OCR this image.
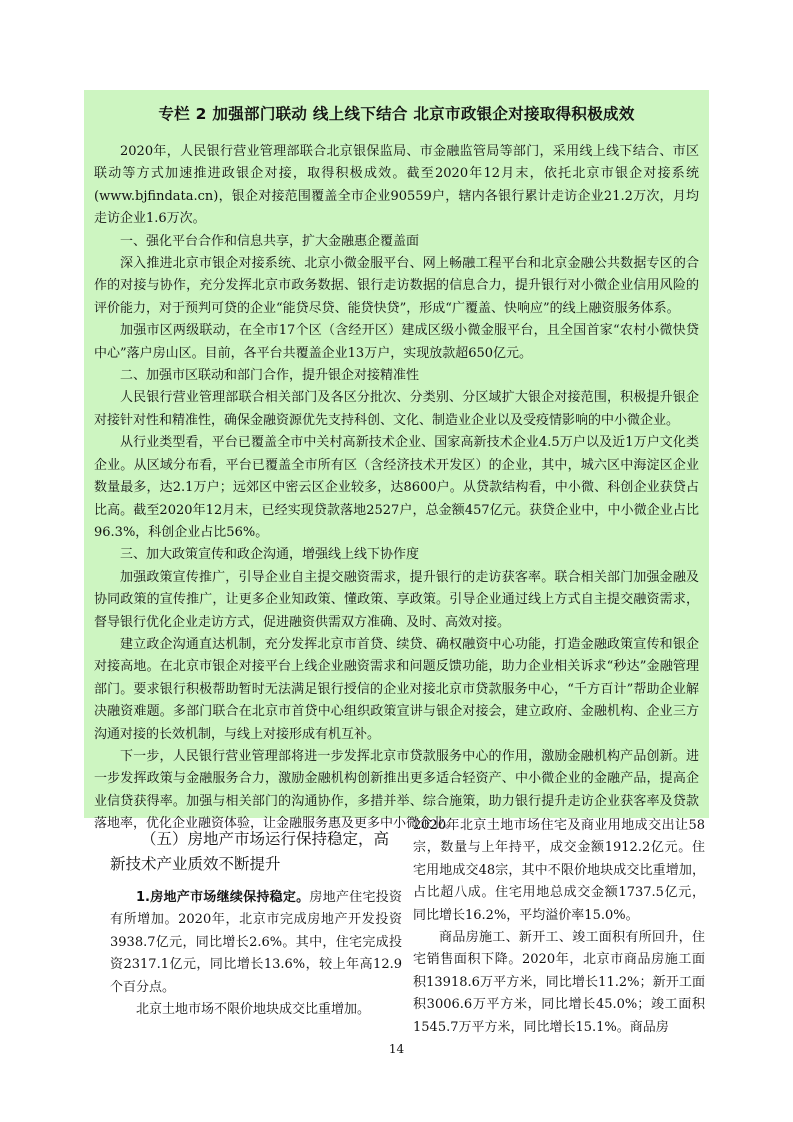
专栏 2 加强部门联动 线上线下结合 北京市政银企对接取得积极成效

2020年，人民银行营业管理部联合北京银保监局、市金融监管局等部门，采用线上线下结合、市区联动等方式加速推进政银企对接，取得积极成效。截至2020年12月末，依托北京市银企对接系统(www.bjfindata.cn)，银企对接范围覆盖全市企业90559户，辖内各银行累计走访企业21.2万次，月均走访企业1.6万次。

一、强化平台合作和信息共享，扩大金融惠企覆盖面

深入推进北京市银企对接系统、北京小微金服平台、网上畅融工程平台和北京金融公共数据专区的合作的对接与协作，充分发挥北京市政务数据、银行走访数据的信息合力，提升银行对小微企业信用风险的评价能力，对于预判可贷的企业“能贷尽贷、能贷快贷”，形成“广覆盖、快响应”的线上融资服务体系。

加强市区两级联动，在全市17个区（含经开区）建成区级小微金服平台，且全国首家“农村小微快贷中心”落户房山区。目前，各平台共覆盖企业13万户，实现放款超650亿元。

二、加强市区联动和部门合作，提升银企对接精准性

人民银行营业管理部联合相关部门及各区分批次、分类别、分区域扩大银企对接范围，积极提升银企对接针对性和精准性，确保金融资源优先支持科创、文化、制造业企业以及受疫情影响的中小微企业。

从行业类型看，平台已覆盖全市中关村高新技术企业、国家高新技术企业4.5万户以及近1万户文化类企业。从区域分布看，平台已覆盖全市所有区（含经济技术开发区）的企业，其中，城六区中海淀区企业数量最多，达2.1万户；远郊区中密云区企业较多，达8600户。从贷款结构看，中小微、科创企业获贷占比高。截至2020年12月末，已经实现贷款落地2527户，总金额457亿元。获贷企业中，中小微企业占比96.3%，科创企业占比56%。

三、加大政策宣传和政企沟通，增强线上线下协作度

加强政策宣传推广，引导企业自主提交融资需求，提升银行的走访获客率。联合相关部门加强金融及协同政策的宣传推广，让更多企业知政策、懂政策、享政策。引导企业通过线上方式自主提交融资需求，督导银行优化企业走访方式，促进融资供需双方准确、及时、高效对接。

建立政企沟通直达机制，充分发挥北京市首贷、续贷、确权融资中心功能，打造金融政策宣传和银企对接高地。在北京市银企对接平台上线企业融资需求和问题反馈功能，助力企业相关诉求“秒达”金融管理部门。要求银行积极帮助暂时无法满足银行授信的企业对接北京市贷款服务中心，“千方百计”帮助企业解决融资难题。多部门联合在北京市首贷中心组织政策宣讲与银企对接会，建立政府、金融机构、企业三方沟通对接的长效机制，与线上对接形成有机互补。

下一步，人民银行营业管理部将进一步发挥北京市贷款服务中心的作用，激励金融机构产品创新。进一步发挥政策与金融服务合力，激励金融机构创新推出更多适合轻资产、中小微企业的金融产品，提高企业信贷获得率。加强与相关部门的沟通协作，多措并举、综合施策，助力银行提升走访企业获客率及贷款落地率，优化企业融资体验，让金融服务惠及更多中小微企业。

（五）房地产市场运行保持稳定，高新技术产业质效不断提升

1.房地产市场继续保持稳定。房地产住宅投资有所增加。2020年，北京市完成房地产开发投资3938.7亿元，同比增长2.6%。其中，住宅完成投资2317.1亿元，同比增长13.6%，较上年高12.9个百分点。

北京土地市场不限价地块成交比重增加。

2020年北京土地市场住宅及商业用地成交出让58宗，数量与上年持平，成交金额1912.2亿元。住宅用地成交48宗，其中不限价地块成交比重增加，占比超八成。住宅用地总成交金额1737.5亿元，同比增长16.2%，平均溢价率15.0%。

商品房施工、新开工、竣工面积有所回升，住宅销售面积下降。2020年，北京市商品房施工面积13918.6万平方米，同比增长11.2%；新开工面积3006.6万平方米，同比增长45.0%；竣工面积1545.7万平方米，同比增长15.1%。商品房

14
